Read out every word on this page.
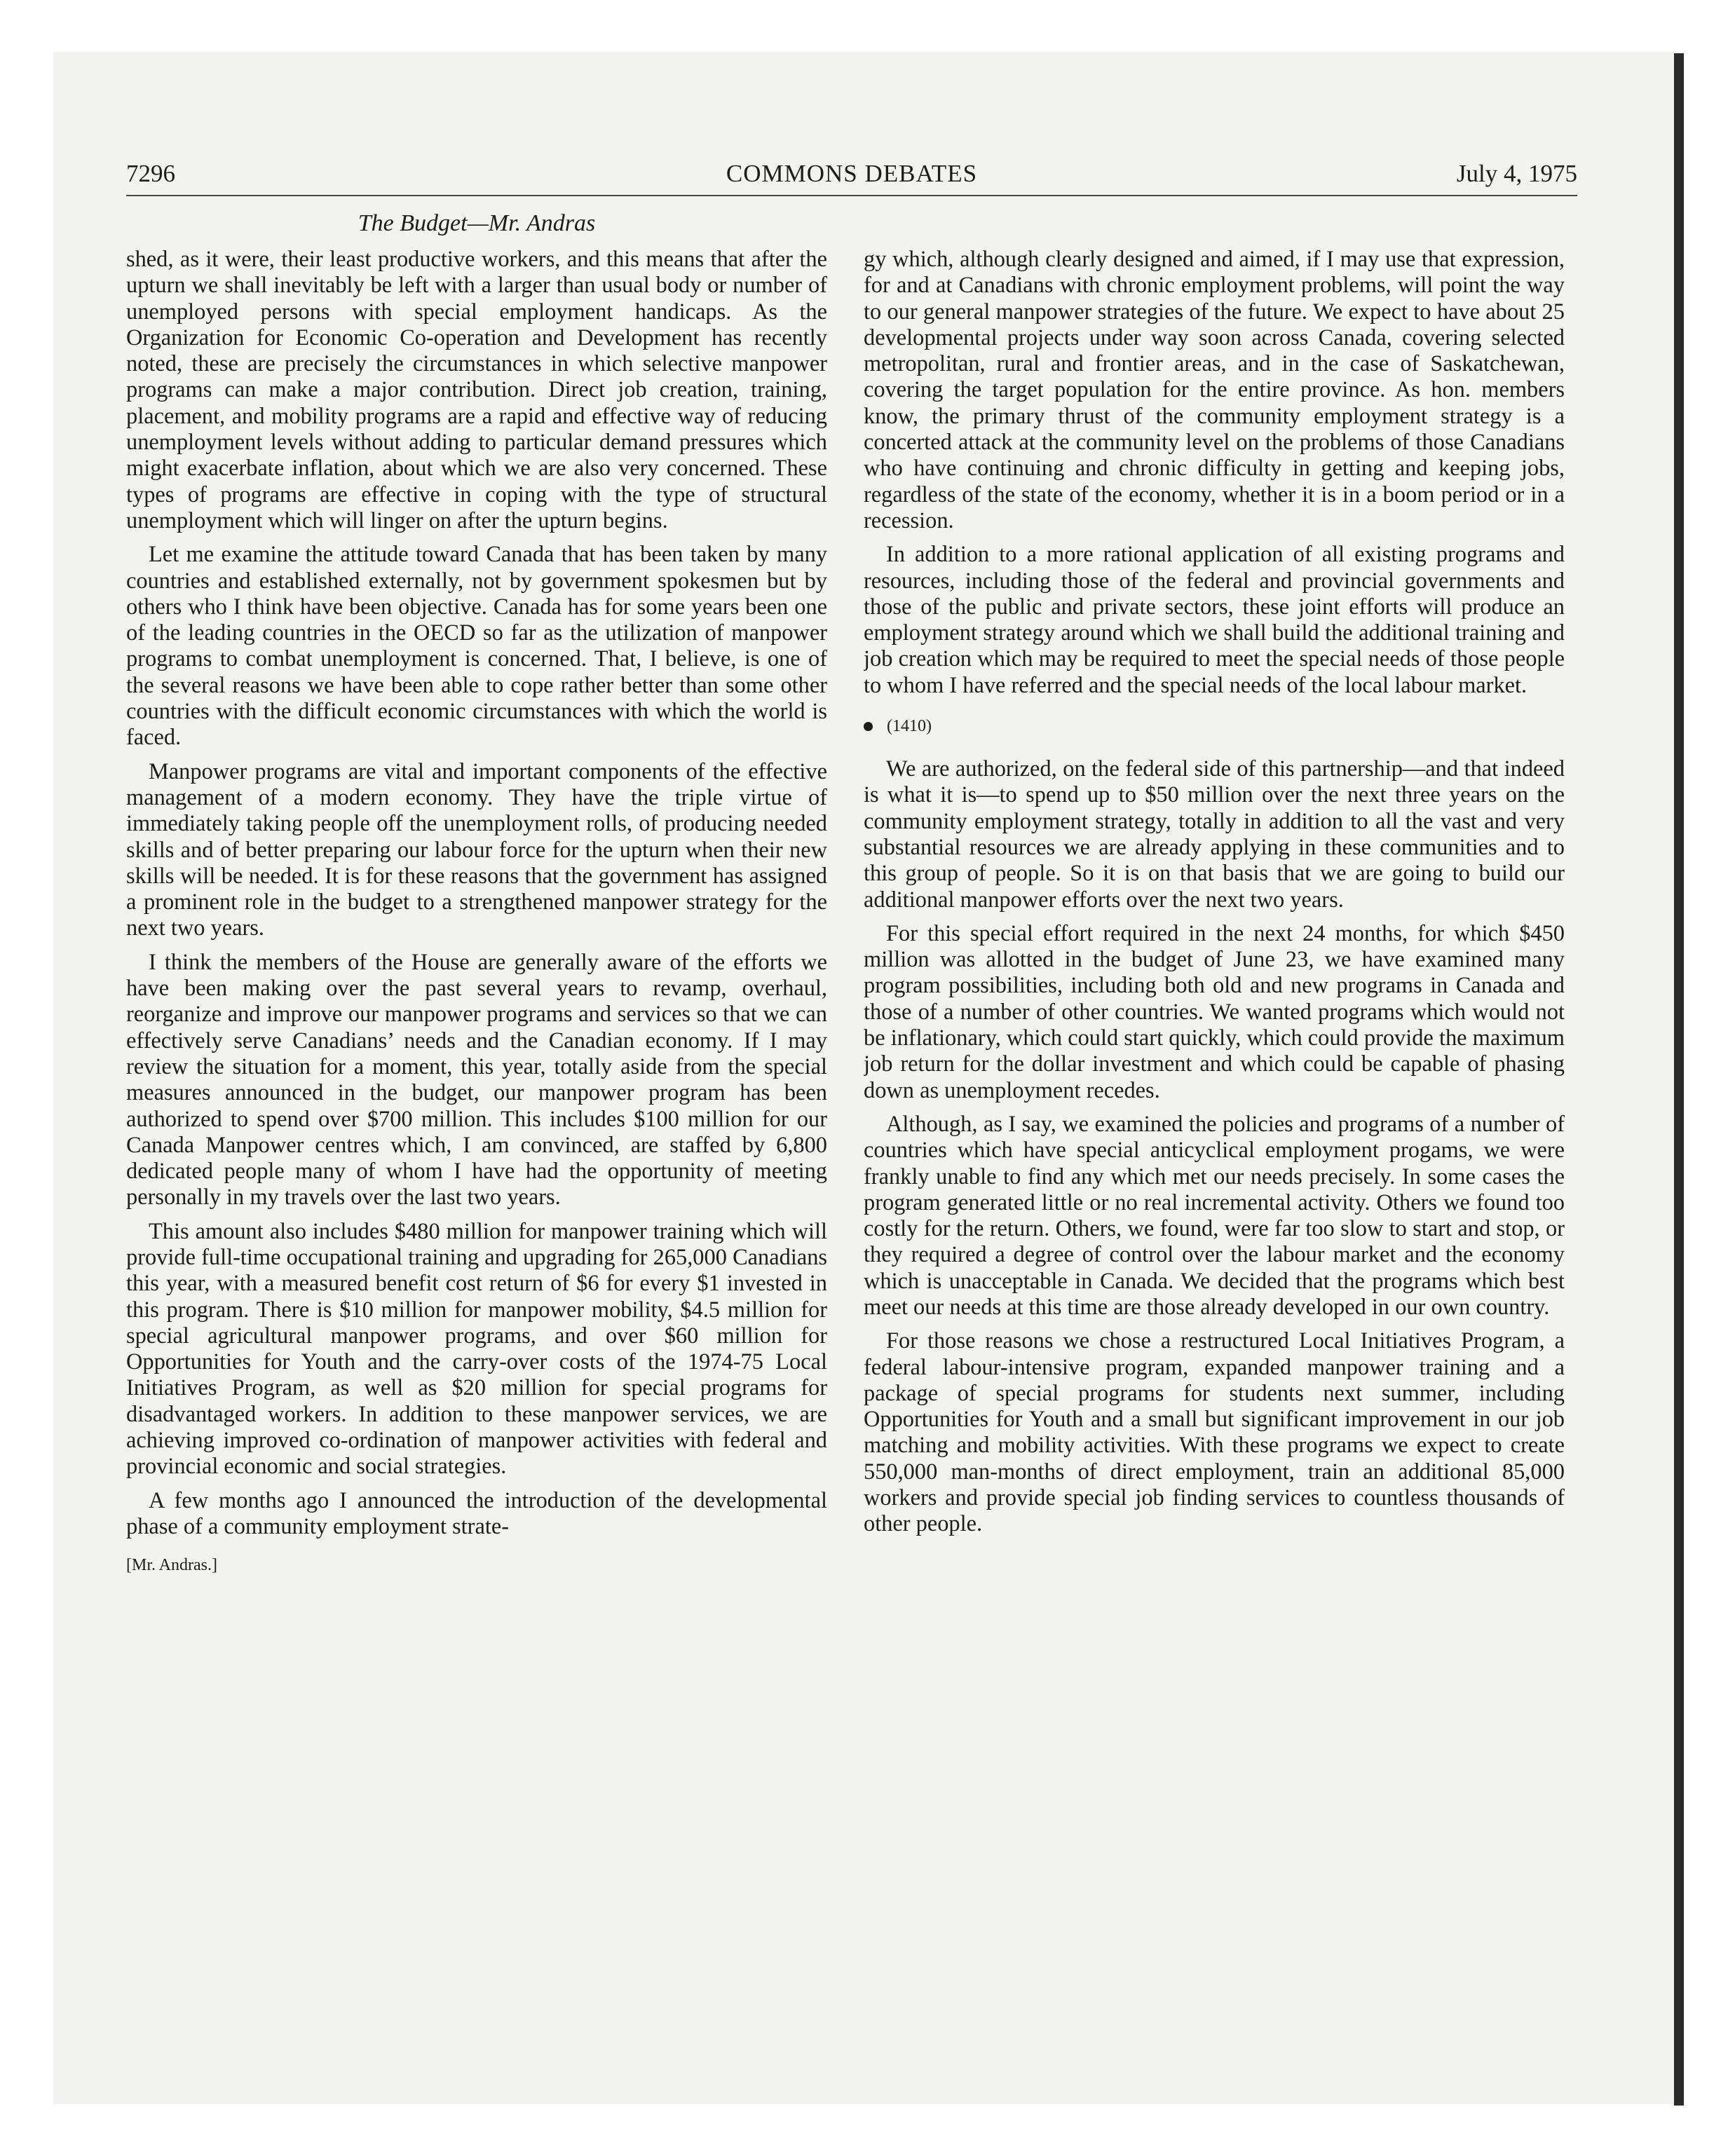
7296	COMMONS DEBATES	July 4, 1975
The Budget—Mr. Andras

shed, as it were, their least productive workers, and this means that after the upturn we shall inevitably be left with a larger than usual body or number of unemployed persons with special employment handicaps. As the Organization for Economic Co-operation and Development has recently noted, these are precisely the circumstances in which selective manpower programs can make a major contribution. Direct job creation, training, placement, and mobility programs are a rapid and effective way of reducing unemployment levels without adding to particular demand pressures which might exacerbate inflation, about which we are also very concerned. These types of programs are effective in coping with the type of structural unemployment which will linger on after the upturn begins.

Let me examine the attitude toward Canada that has been taken by many countries and established externally, not by government spokesmen but by others who I think have been objective. Canada has for some years been one of the leading countries in the OECD so far as the utilization of manpower programs to combat unemployment is concerned. That, I believe, is one of the several reasons we have been able to cope rather better than some other countries with the difficult economic circumstances with which the world is faced.

Manpower programs are vital and important components of the effective management of a modern economy. They have the triple virtue of immediately taking people off the unemployment rolls, of producing needed skills and of better preparing our labour force for the upturn when their new skills will be needed. It is for these reasons that the government has assigned a prominent role in the budget to a strengthened manpower strategy for the next two years.

I think the members of the House are generally aware of the efforts we have been making over the past several years to revamp, overhaul, reorganize and improve our manpower programs and services so that we can effectively serve Canadians’ needs and the Canadian economy. If I may review the situation for a moment, this year, totally aside from the special measures announced in the budget, our manpower program has been authorized to spend over $700 million. This includes $100 million for our Canada Manpower centres which, I am convinced, are staffed by 6,800 dedicated people many of whom I have had the opportunity of meeting personally in my travels over the last two years.

This amount also includes $480 million for manpower training which will provide full-time occupational training and upgrading for 265,000 Canadians this year, with a measured benefit cost return of $6 for every $1 invested in this program. There is $10 million for manpower mobility, $4.5 million for special agricultural manpower programs, and over $60 million for Opportunities for Youth and the carry-over costs of the 1974-75 Local Initiatives Program, as well as $20 million for special programs for disadvantaged workers. In addition to these manpower services, we are achieving improved co-ordination of manpower activities with federal and provincial economic and social strategies.

A few months ago I announced the introduction of the developmental phase of a community employment strate-

[Mr. Andras.]

gy which, although clearly designed and aimed, if I may use that expression, for and at Canadians with chronic employment problems, will point the way to our general manpower strategies of the future. We expect to have about 25 developmental projects under way soon across Canada, covering selected metropolitan, rural and frontier areas, and in the case of Saskatchewan, covering the target population for the entire province. As hon. members know, the primary thrust of the community employment strategy is a concerted attack at the community level on the problems of those Canadians who have continuing and chronic difficulty in getting and keeping jobs, regardless of the state of the economy, whether it is in a boom period or in a recession.

In addition to a more rational application of all existing programs and resources, including those of the federal and provincial governments and those of the public and private sectors, these joint efforts will produce an employment strategy around which we shall build the additional training and job creation which may be required to meet the special needs of those people to whom I have referred and the special needs of the local labour market.

(1410)

We are authorized, on the federal side of this partnership—and that indeed is what it is—to spend up to $50 million over the next three years on the community employment strategy, totally in addition to all the vast and very substantial resources we are already applying in these communities and to this group of people. So it is on that basis that we are going to build our additional manpower efforts over the next two years.

For this special effort required in the next 24 months, for which $450 million was allotted in the budget of June 23, we have examined many program possibilities, including both old and new programs in Canada and those of a number of other countries. We wanted programs which would not be inflationary, which could start quickly, which could provide the maximum job return for the dollar investment and which could be capable of phasing down as unemployment recedes.

Although, as I say, we examined the policies and programs of a number of countries which have special anticyclical employment progams, we were frankly unable to find any which met our needs precisely. In some cases the program generated little or no real incremental activity. Others we found too costly for the return. Others, we found, were far too slow to start and stop, or they required a degree of control over the labour market and the economy which is unacceptable in Canada. We decided that the programs which best meet our needs at this time are those already developed in our own country.

For those reasons we chose a restructured Local Initiatives Program, a federal labour-intensive program, expanded manpower training and a package of special programs for students next summer, including Opportunities for Youth and a small but significant improvement in our job matching and mobility activities. With these programs we expect to create 550,000 man-months of direct employment, train an additional 85,000 workers and provide special job finding services to countless thousands of other people.
